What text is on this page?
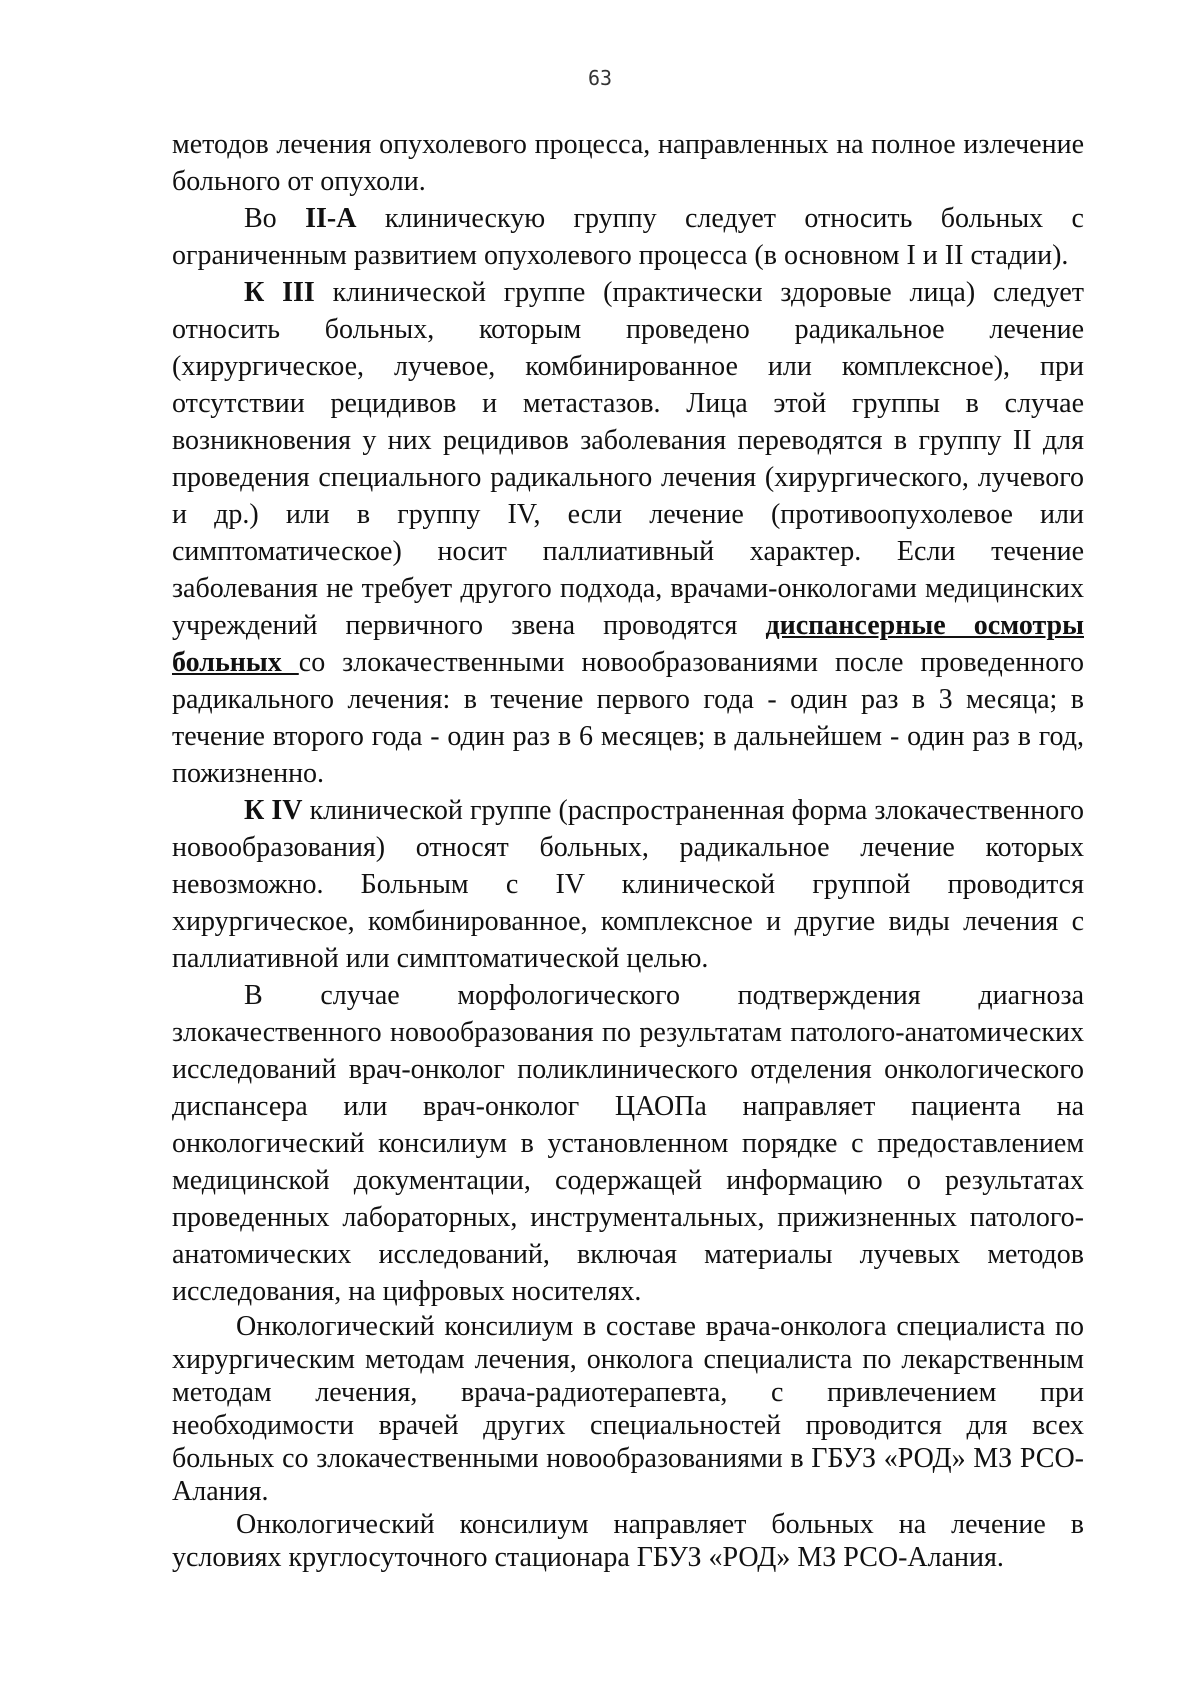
63

методов лечения опухолевого процесса, направленных на полное излечение больного от опухоли.

Во II-A клиническую группу следует относить больных с ограниченным развитием опухолевого процесса (в основном I и II стадии).

К III клинической группе (практически здоровые лица) следует относить больных, которым проведено радикальное лечение (хирургическое, лучевое, комбинированное или комплексное), при отсутствии рецидивов и метастазов. Лица этой группы в случае возникновения у них рецидивов заболевания переводятся в группу II для проведения специального радикального лечения (хирургического, лучевого и др.) или в группу IV, если лечение (противоопухолевое или симптоматическое) носит паллиативный характер. Если течение заболевания не требует другого подхода, врачами-онкологами медицинских учреждений первичного звена проводятся диспансерные осмотры больных со злокачественными новообразованиями после проведенного радикального лечения: в течение первого года - один раз в 3 месяца; в течение второго года - один раз в 6 месяцев; в дальнейшем - один раз в год, пожизненно.

К IV клинической группе (распространенная форма злокачественного новообразования) относят больных, радикальное лечение которых невозможно. Больным с IV клинической группой проводится хирургическое, комбинированное, комплексное и другие виды лечения с паллиативной или симптоматической целью.

В случае морфологического подтверждения диагноза злокачественного новообразования по результатам патолого-анатомических исследований врач-онколог поликлинического отделения онкологического диспансера или врач-онколог ЦАОПа направляет пациента на онкологический консилиум в установленном порядке с предоставлением медицинской документации, содержащей информацию о результатах проведенных лабораторных, инструментальных, прижизненных патолого-анатомических исследований, включая материалы лучевых методов исследования, на цифровых носителях.

Онкологический консилиум в составе врача-онколога специалиста по хирургическим методам лечения, онколога специалиста по лекарственным методам лечения, врача-радиотерапевта, с привлечением при необходимости врачей других специальностей проводится для всех больных со злокачественными новообразованиями в ГБУЗ «РОД» МЗ РСО-Алания.

Онкологический консилиум направляет больных на лечение в условиях круглосуточного стационара ГБУЗ «РОД» МЗ РСО-Алания.
